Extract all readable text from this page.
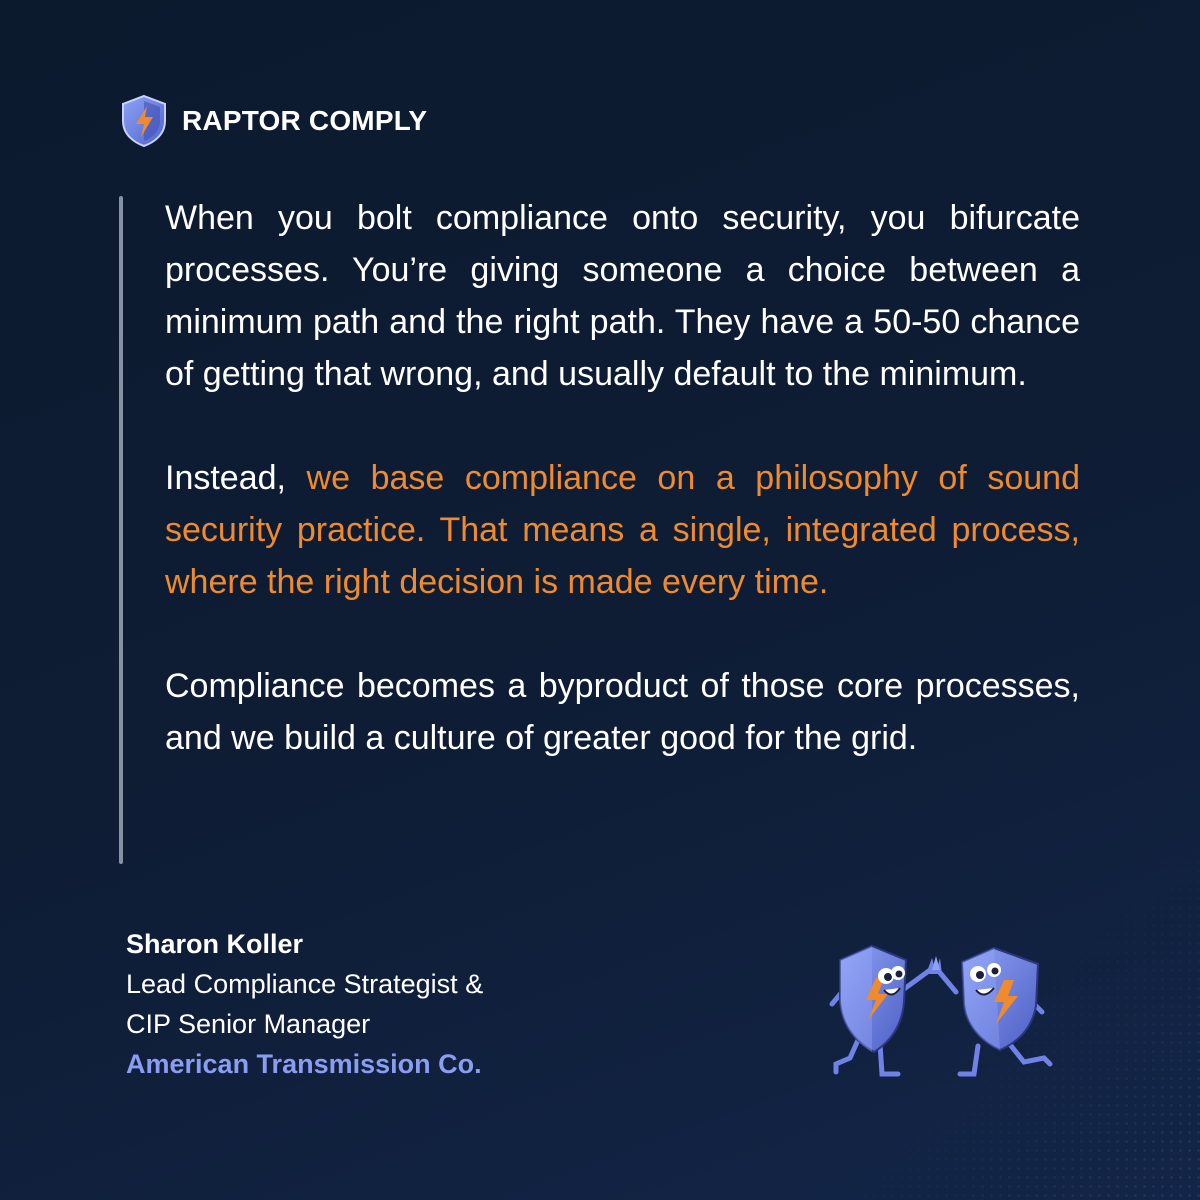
RAPTOR COMPLY

When you bolt compliance onto security, you bifurcate processes. You’re giving someone a choice between a minimum path and the right path. They have a 50-50 chance of getting that wrong, and usually default to the minimum.

Instead, we base compliance on a philosophy of sound security practice. That means a single, integrated process, where the right decision is made every time.

Compliance becomes a byproduct of those core processes, and we build a culture of greater good for the grid.

Sharon Koller
Lead Compliance Strategist &
CIP Senior Manager
American Transmission Co.
